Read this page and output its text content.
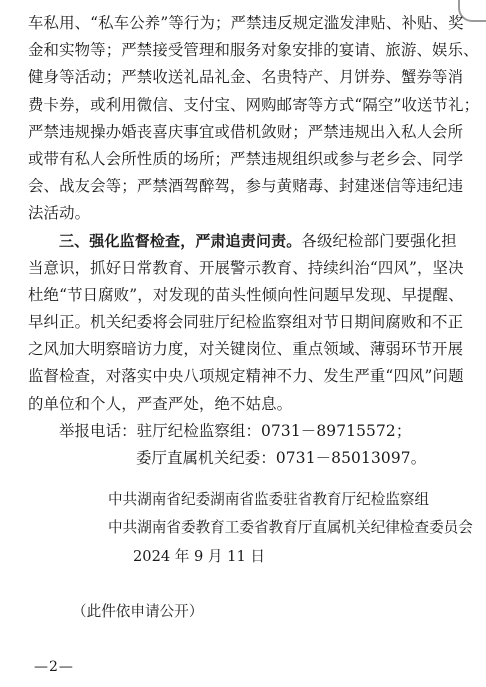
车私用、“私车公养”等行为；严禁违反规定滥发津贴、补贴、奖
金和实物等；严禁接受管理和服务对象安排的宴请、旅游、娱乐、
健身等活动；严禁收送礼品礼金、名贵特产、月饼券、蟹券等消
费卡券，或利用微信、支付宝、网购邮寄等方式“隔空”收送节礼；
严禁违规操办婚丧喜庆事宜或借机敛财；严禁违规出入私人会所
或带有私人会所性质的场所；严禁违规组织或参与老乡会、同学
会、战友会等；严禁酒驾醉驾，参与黄赌毒、封建迷信等违纪违
法活动。
三、强化监督检查，严肃追责问责。各级纪检部门要强化担
当意识，抓好日常教育、开展警示教育、持续纠治“四风”，坚决
杜绝“节日腐败”，对发现的苗头性倾向性问题早发现、早提醒、
早纠正。机关纪委将会同驻厅纪检监察组对节日期间腐败和不正
之风加大明察暗访力度，对关键岗位、重点领域、薄弱环节开展
监督检查，对落实中央八项规定精神不力、发生严重“四风”问题
的单位和个人，严查严处，绝不姑息。
举报电话：驻厅纪检监察组：0731－89715572；
委厅直属机关纪委：0731－85013097。
中共湖南省纪委湖南省监委驻省教育厅纪检监察组
中共湖南省委教育工委省教育厅直属机关纪律检查委员会
2024 年 9 月 11 日
（此件依申请公开）
—2—
